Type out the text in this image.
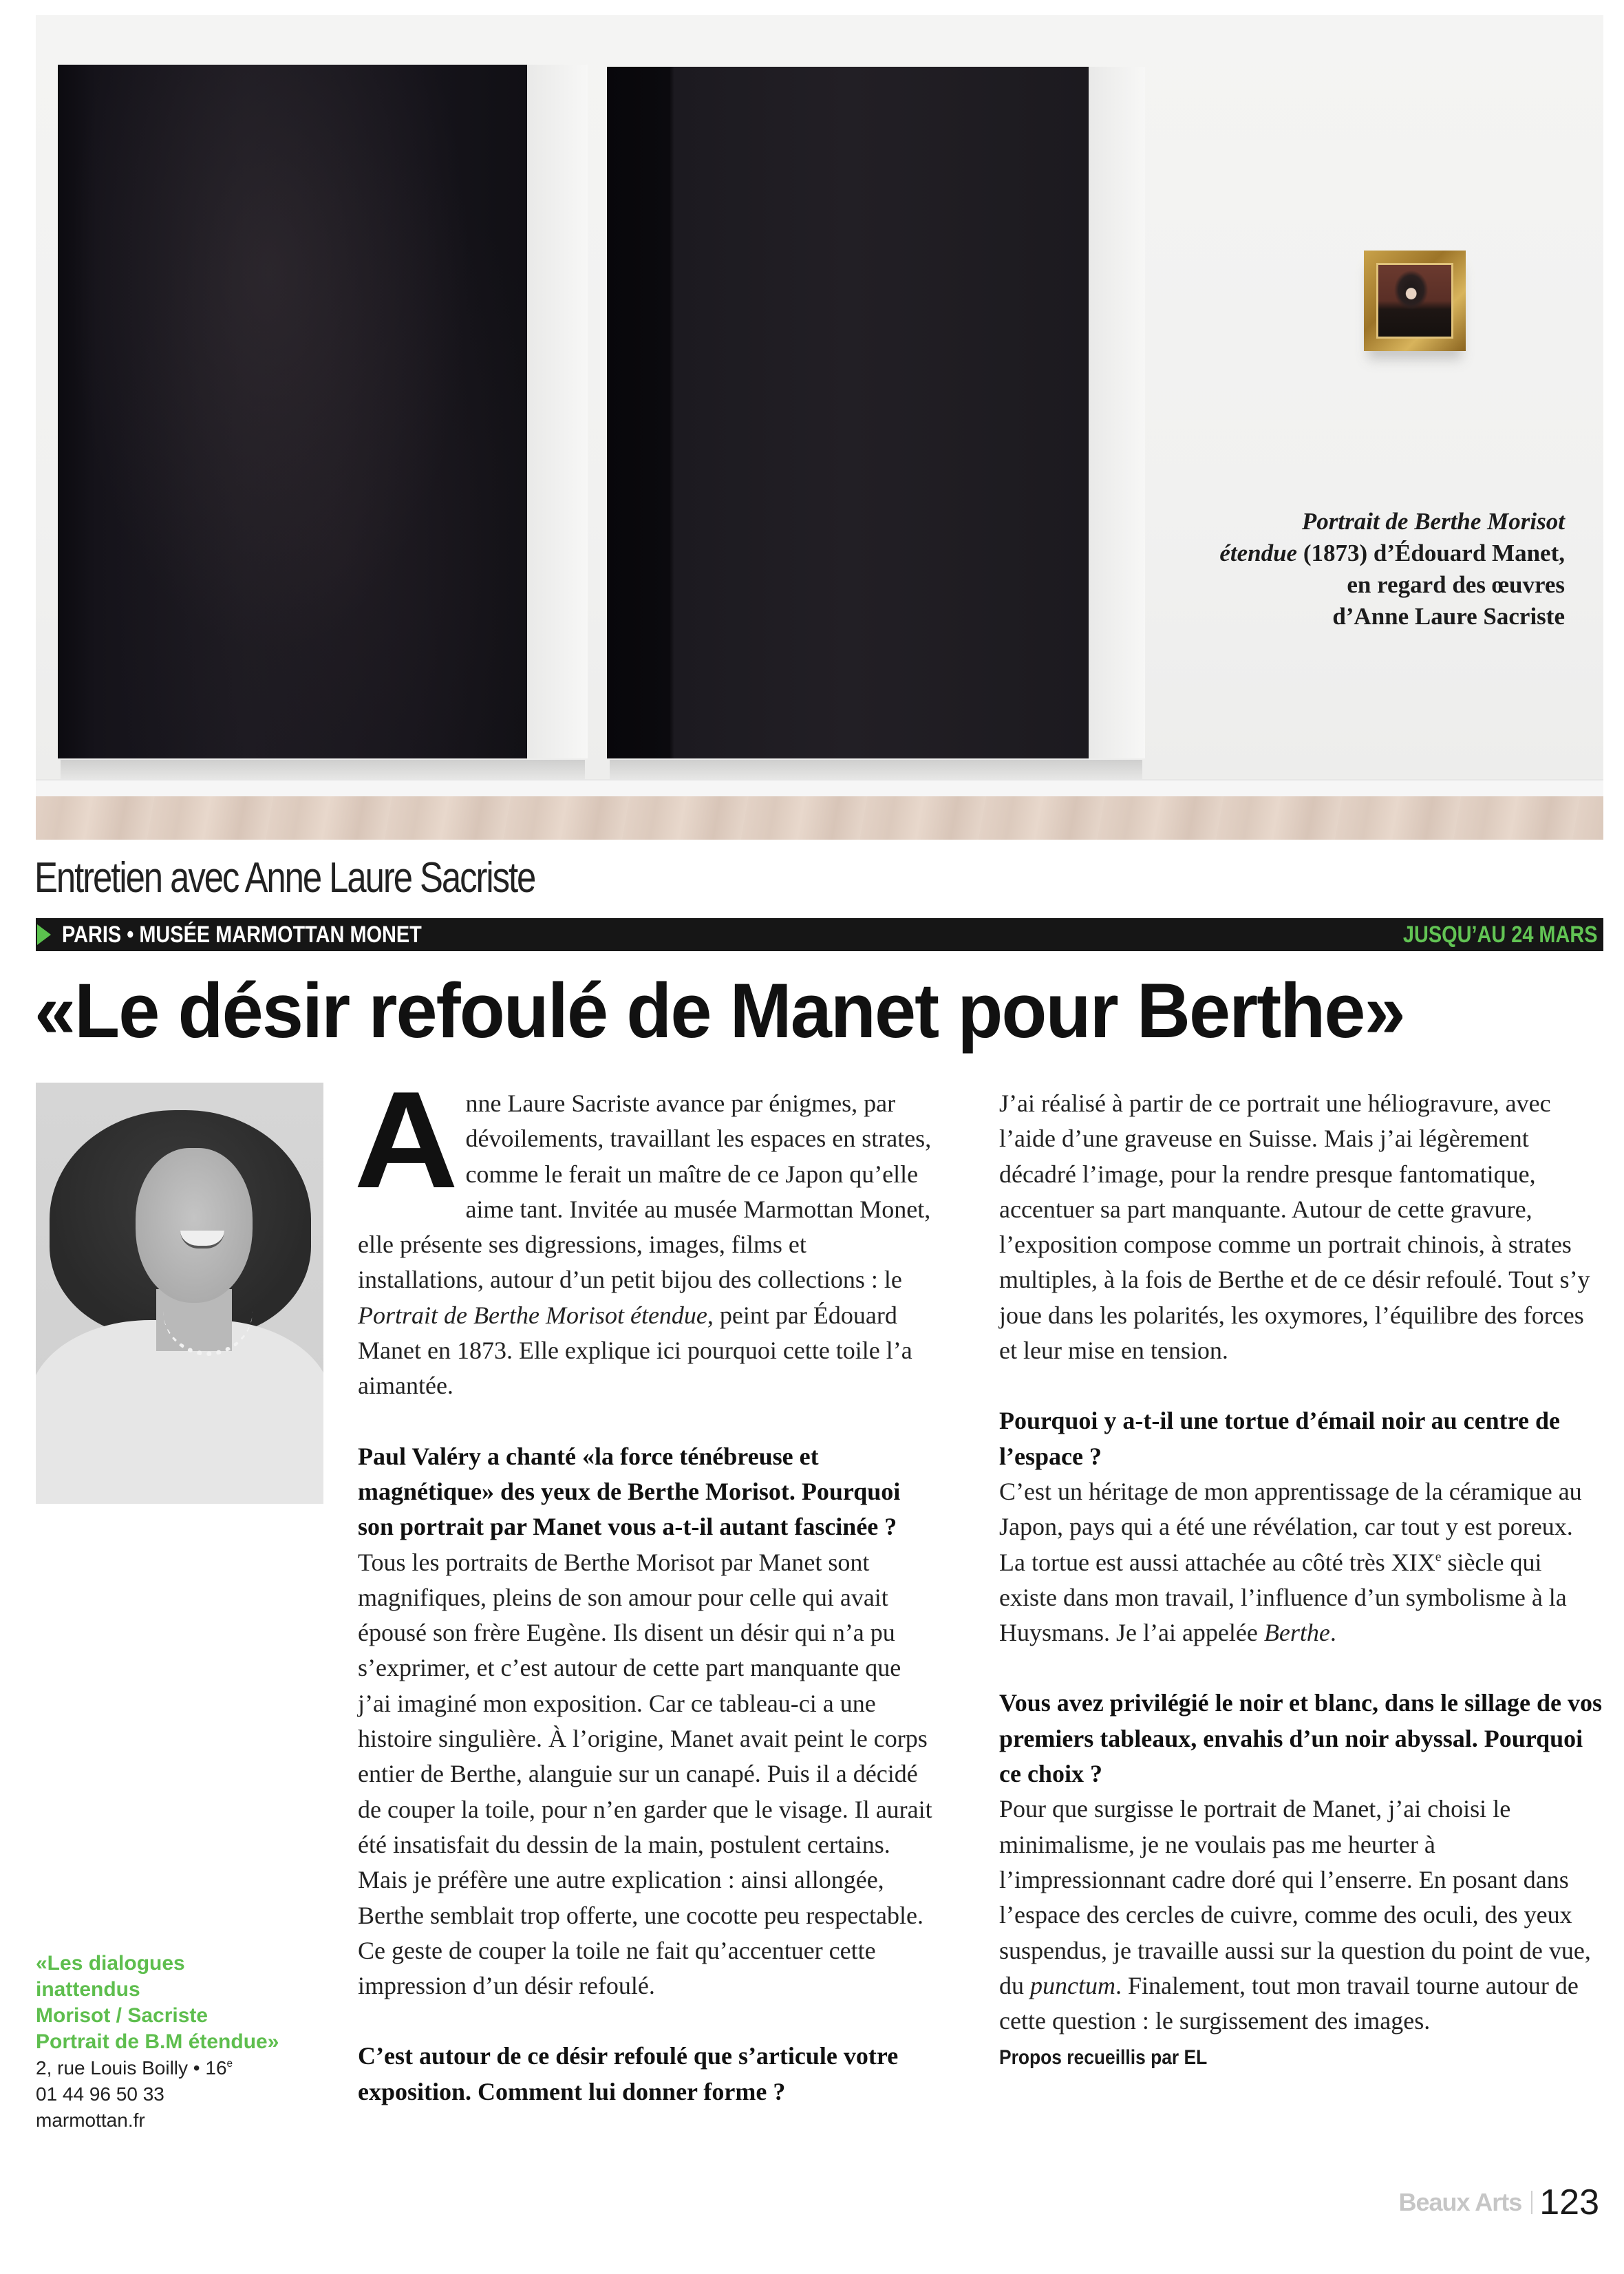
Portrait de Berthe Morisot
étendue (1873) d’Édouard Manet,
en regard des œuvres
d’Anne Laure Sacriste
Entretien avec Anne Laure Sacriste
PARIS • MUSÉE MARMOTTAN MONET	JUSQU’AU 24 MARS
«Le désir refoulé de Manet pour Berthe»

Anne Laure Sacriste avance par énigmes, par dévoilements, travaillant les espaces en strates, comme le ferait un maître de ce Japon qu’elle aime tant. Invitée au musée Marmottan Monet, elle présente ses digressions, images, films et installations, autour d’un petit bijou des collections : le Portrait de Berthe Morisot étendue, peint par Édouard Manet en 1873. Elle explique ici pourquoi cette toile l’a aimantée.

Paul Valéry a chanté «la force ténébreuse et magnétique» des yeux de Berthe Morisot. Pourquoi son portrait par Manet vous a-t-il autant fascinée ?

Tous les portraits de Berthe Morisot par Manet sont magnifiques, pleins de son amour pour celle qui avait épousé son frère Eugène. Ils disent un désir qui n’a pu s’exprimer, et c’est autour de cette part manquante que j’ai imaginé mon exposition. Car ce tableau-ci a une histoire singulière. À l’origine, Manet avait peint le corps entier de Berthe, alanguie sur un canapé. Puis il a décidé de couper la toile, pour n’en garder que le visage. Il aurait été insatisfait du dessin de la main, postulent certains. Mais je préfère une autre explication : ainsi allongée, Berthe semblait trop offerte, une cocotte peu respectable. Ce geste de couper la toile ne fait qu’accentuer cette impression d’un désir refoulé.

C’est autour de ce désir refoulé que s’articule votre exposition. Comment lui donner forme ?

J’ai réalisé à partir de ce portrait une héliogravure, avec l’aide d’une graveuse en Suisse. Mais j’ai légèrement décadré l’image, pour la rendre presque fantomatique, accentuer sa part manquante. Autour de cette gravure, l’exposition compose comme un portrait chinois, à strates multiples, à la fois de Berthe et de ce désir refoulé. Tout s’y joue dans les polarités, les oxymores, l’équilibre des forces et leur mise en tension.

Pourquoi y a-t-il une tortue d’émail noir au centre de l’espace ?

C’est un héritage de mon apprentissage de la céramique au Japon, pays qui a été une révélation, car tout y est poreux. La tortue est aussi attachée au côté très XIXe siècle qui existe dans mon travail, l’influence d’un symbolisme à la Huysmans. Je l’ai appelée Berthe.

Vous avez privilégié le noir et blanc, dans le sillage de vos premiers tableaux, envahis d’un noir abyssal. Pourquoi ce choix ?

Pour que surgisse le portrait de Manet, j’ai choisi le minimalisme, je ne voulais pas me heurter à l’impressionnant cadre doré qui l’enserre. En posant dans l’espace des cercles de cuivre, comme des oculi, des yeux suspendus, je travaille aussi sur la question du point de vue, du punctum. Finalement, tout mon travail tourne autour de cette question : le surgissement des images.

Propos recueillis par EL

«Les dialogues
inattendus
Morisot / Sacriste
Portrait de B.M étendue»
2, rue Louis Boilly • 16e
01 44 96 50 33
marmottan.fr
Beaux Arts 123
